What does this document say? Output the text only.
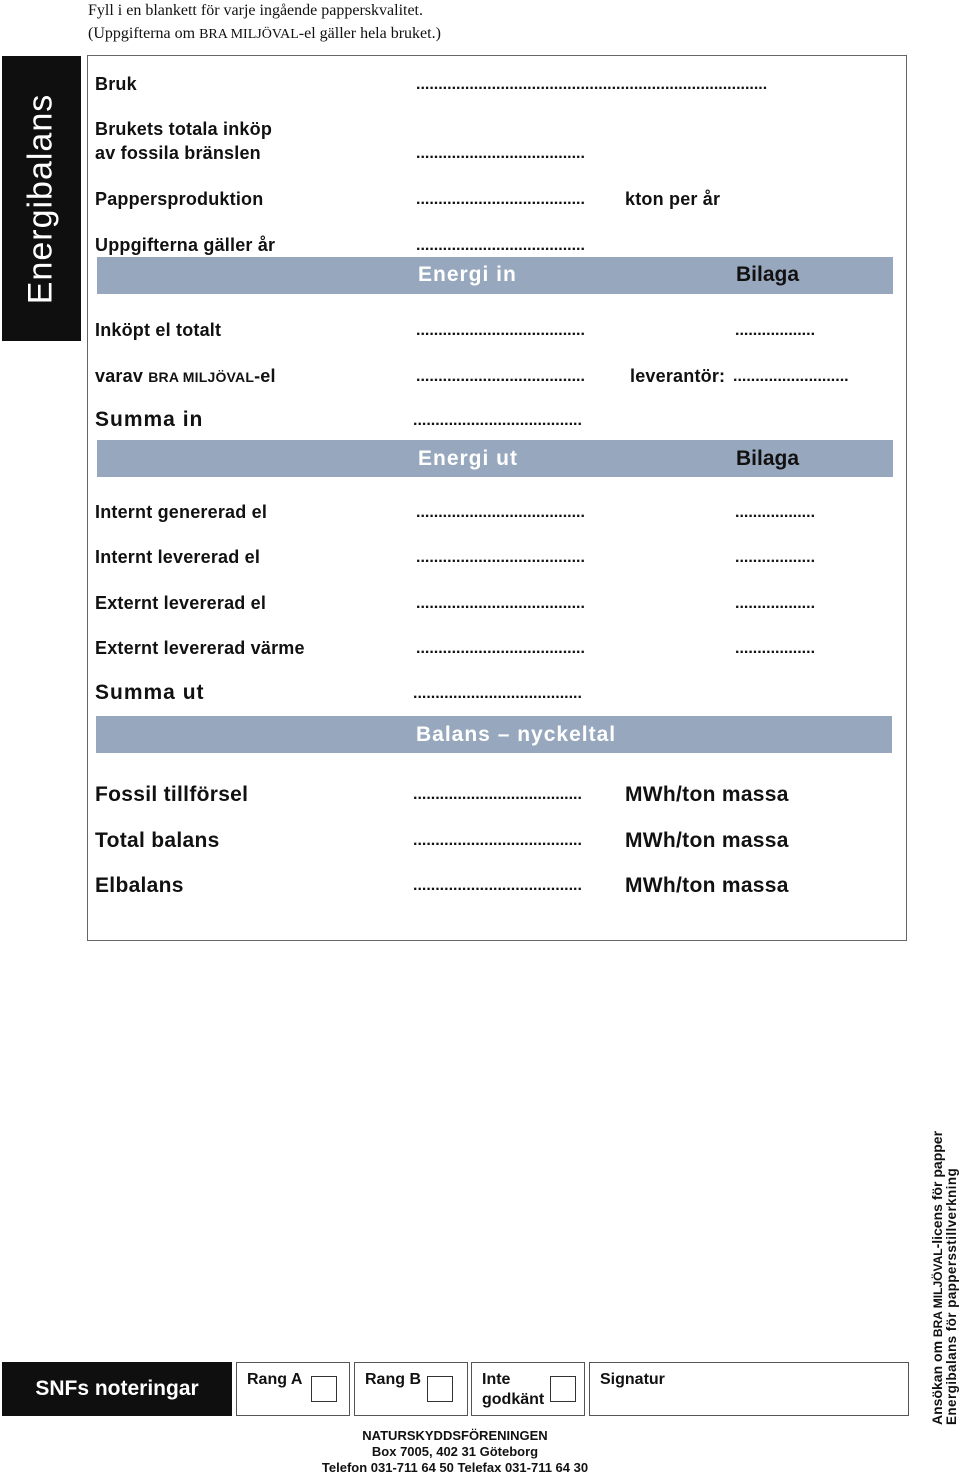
Fyll i en blankett för varje ingående papperskvalitet.
(Uppgifterna om BRA MILJÖVAL-el gäller hela bruket.)
Energibalans
Bruk	...............................................................................
Brukets totala inköp
av fossila bränslen	......................................
Pappersproduktion	...................................... kton per år
Uppgifterna gäller år	......................................
Energi in	Bilaga
Inköpt el totalt	......................................	..................
varav BRA MILJÖVAL-el	......................................	leverantör: ..........................
Summa in	......................................
Energi ut	Bilaga
Internt genererad el	......................................	..................
Internt levererad el	......................................	..................
Externt levererad el	......................................	..................
Externt levererad värme	......................................	..................
Summa ut	......................................
Balans – nyckeltal
Fossil tillförsel	...................................... MWh/ton massa
Total balans	...................................... MWh/ton massa
Elbalans	...................................... MWh/ton massa
Ansökan om BRA MILJÖVAL-licens för papper Energibalans för pappersstillverkning
SNFs noteringar	Rang A	Rang B	Inte
godkänt
Signatur
NATURSKYDDSFÖRENINGEN
Box 7005, 402 31 Göteborg
Telefon 031-711 64 50 Telefax 031-711 64 30
